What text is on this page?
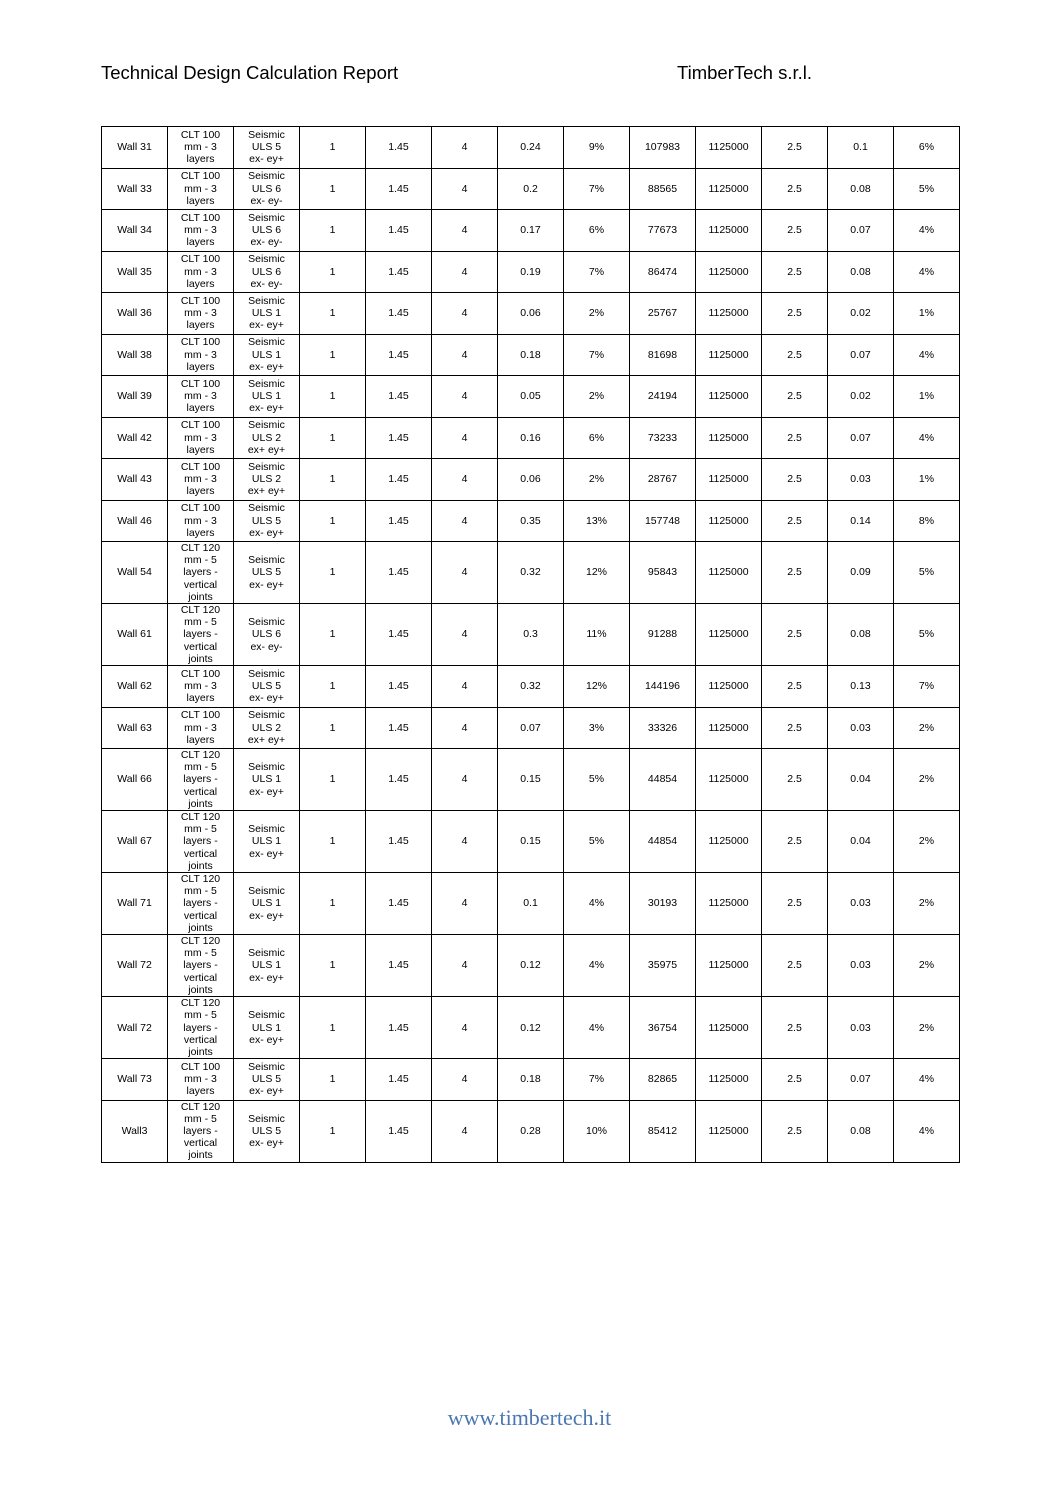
Technical Design Calculation Report	TimberTech s.r.l.
Wall 31	CLT 100
mm - 3
layers	Seismic
ULS 5
ex- ey+	1	1.45	4	0.24	9%	107983	1125000	2.5	0.1	6%
Wall 33	CLT 100
mm - 3
layers	Seismic
ULS 6
ex- ey-	1	1.45	4	0.2	7%	88565	1125000	2.5	0.08	5%
Wall 34	CLT 100
mm - 3
layers	Seismic
ULS 6
ex- ey-	1	1.45	4	0.17	6%	77673	1125000	2.5	0.07	4%
Wall 35	CLT 100
mm - 3
layers	Seismic
ULS 6
ex- ey-	1	1.45	4	0.19	7%	86474	1125000	2.5	0.08	4%
Wall 36	CLT 100
mm - 3
layers	Seismic
ULS 1
ex- ey+	1	1.45	4	0.06	2%	25767	1125000	2.5	0.02	1%
Wall 38	CLT 100
mm - 3
layers	Seismic
ULS 1
ex- ey+	1	1.45	4	0.18	7%	81698	1125000	2.5	0.07	4%
Wall 39	CLT 100
mm - 3
layers	Seismic
ULS 1
ex- ey+	1	1.45	4	0.05	2%	24194	1125000	2.5	0.02	1%
Wall 42	CLT 100
mm - 3
layers	Seismic
ULS 2
ex+ ey+	1	1.45	4	0.16	6%	73233	1125000	2.5	0.07	4%
Wall 43	CLT 100
mm - 3
layers	Seismic
ULS 2
ex+ ey+	1	1.45	4	0.06	2%	28767	1125000	2.5	0.03	1%
Wall 46	CLT 100
mm - 3
layers	Seismic
ULS 5
ex- ey+	1	1.45	4	0.35	13%	157748	1125000	2.5	0.14	8%
Wall 54	CLT 120
mm - 5
layers -
vertical
joints	Seismic
ULS 5
ex- ey+	1	1.45	4	0.32	12%	95843	1125000	2.5	0.09	5%
Wall 61	CLT 120
mm - 5
layers -
vertical
joints	Seismic
ULS 6
ex- ey-	1	1.45	4	0.3	11%	91288	1125000	2.5	0.08	5%
Wall 62	CLT 100
mm - 3
layers	Seismic
ULS 5
ex- ey+	1	1.45	4	0.32	12%	144196	1125000	2.5	0.13	7%
Wall 63	CLT 100
mm - 3
layers	Seismic
ULS 2
ex+ ey+	1	1.45	4	0.07	3%	33326	1125000	2.5	0.03	2%
Wall 66	CLT 120
mm - 5
layers -
vertical
joints	Seismic
ULS 1
ex- ey+	1	1.45	4	0.15	5%	44854	1125000	2.5	0.04	2%
Wall 67	CLT 120
mm - 5
layers -
vertical
joints	Seismic
ULS 1
ex- ey+	1	1.45	4	0.15	5%	44854	1125000	2.5	0.04	2%
Wall 71	CLT 120
mm - 5
layers -
vertical
joints	Seismic
ULS 1
ex- ey+	1	1.45	4	0.1	4%	30193	1125000	2.5	0.03	2%
Wall 72	CLT 120
mm - 5
layers -
vertical
joints	Seismic
ULS 1
ex- ey+	1	1.45	4	0.12	4%	35975	1125000	2.5	0.03	2%
Wall 72	CLT 120
mm - 5
layers -
vertical
joints	Seismic
ULS 1
ex- ey+	1	1.45	4	0.12	4%	36754	1125000	2.5	0.03	2%
Wall 73	CLT 100
mm - 3
layers	Seismic
ULS 5
ex- ey+	1	1.45	4	0.18	7%	82865	1125000	2.5	0.07	4%
Wall3	CLT 120
mm - 5
layers -
vertical
joints	Seismic
ULS 5
ex- ey+	1	1.45	4	0.28	10%	85412	1125000	2.5	0.08	4%
www.timbertech.it
